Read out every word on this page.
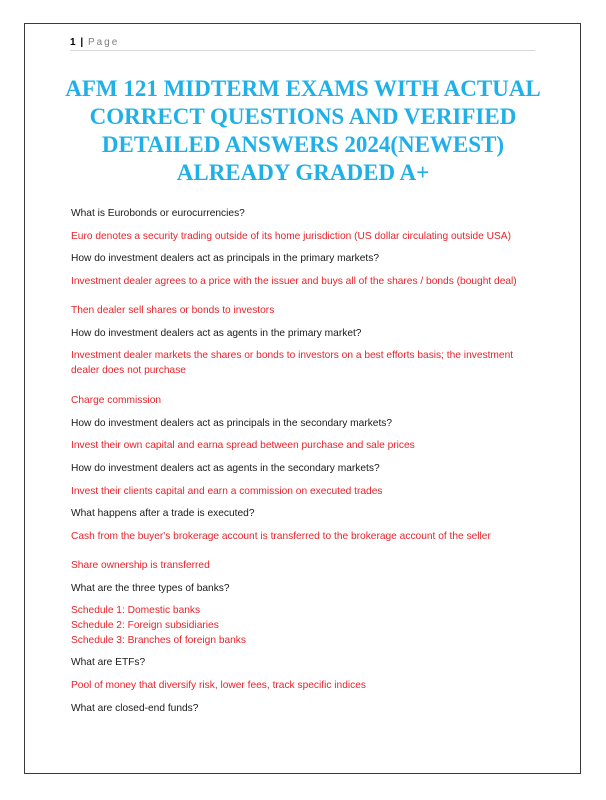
1 | Page
AFM 121 MIDTERM EXAMS WITH ACTUAL CORRECT QUESTIONS AND VERIFIED DETAILED ANSWERS 2024(NEWEST) ALREADY GRADED A+

What is Eurobonds or eurocurrencies?

Euro denotes a security trading outside of its home jurisdiction (US dollar circulating outside USA)

How do investment dealers act as principals in the primary markets?

Investment dealer agrees to a price with the issuer and buys all of the shares / bonds (bought deal)

Then dealer sell shares or bonds to investors

How do investment dealers act as agents in the primary market?

Investment dealer markets the shares or bonds to investors on a best efforts basis; the investment dealer does not purchase

Charge commission

How do investment dealers act as principals in the secondary markets?

Invest their own capital and earna spread between purchase and sale prices

How do investment dealers act as agents in the secondary markets?

Invest their clients capital and earn a commission on executed trades

What happens after a trade is executed?

Cash from the buyer's brokerage account is transferred to the brokerage account of the seller

Share ownership is transferred

What are the three types of banks?

Schedule 1: Domestic banks

Schedule 2: Foreign subsidiaries

Schedule 3: Branches of foreign banks

What are ETFs?

Pool of money that diversify risk, lower fees, track specific indices

What are closed-end funds?
